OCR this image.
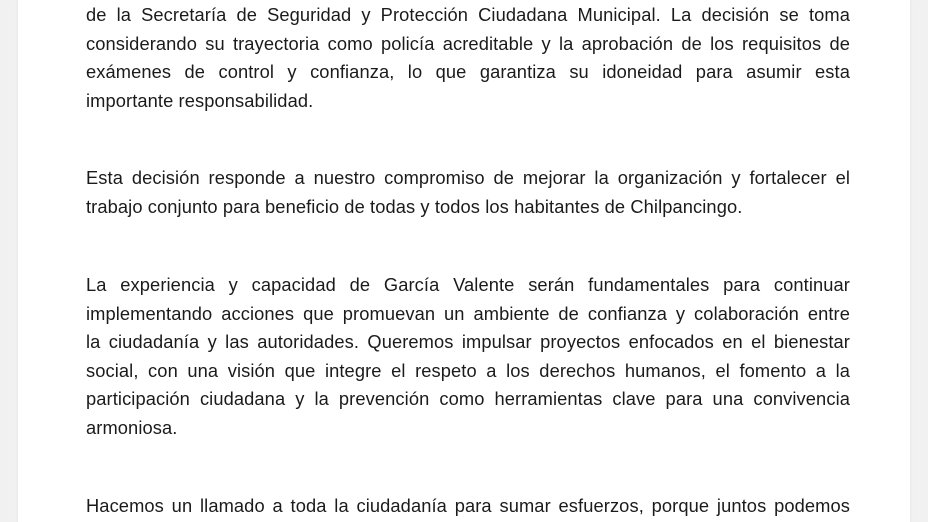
de la Secretaría de Seguridad y Protección Ciudadana Municipal. La decisión se toma
considerando su trayectoria como policía acreditable y la aprobación de los requisitos de
exámenes de control y confianza, lo que garantiza su idoneidad para asumir esta
importante responsabilidad.
Esta decisión responde a nuestro compromiso de mejorar la organización y fortalecer el
trabajo conjunto para beneficio de todas y todos los habitantes de Chilpancingo.
La experiencia y capacidad de García Valente serán fundamentales para continuar
implementando acciones que promuevan un ambiente de confianza y colaboración entre
la ciudadanía y las autoridades. Queremos impulsar proyectos enfocados en el bienestar
social, con una visión que integre el respeto a los derechos humanos, el fomento a la
participación ciudadana y la prevención como herramientas clave para una convivencia
armoniosa.
Hacemos un llamado a toda la ciudadanía para sumar esfuerzos, porque juntos podemos
